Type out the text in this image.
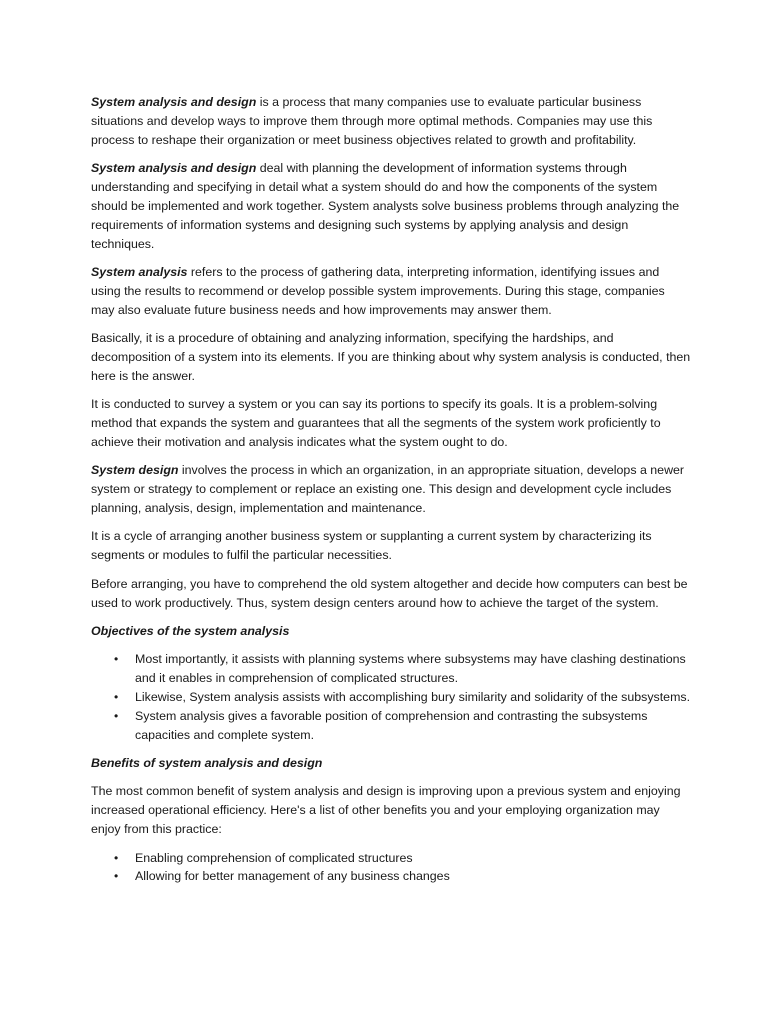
System analysis and design is a process that many companies use to evaluate particular business situations and develop ways to improve them through more optimal methods. Companies may use this process to reshape their organization or meet business objectives related to growth and profitability.

System analysis and design deal with planning the development of information systems through understanding and specifying in detail what a system should do and how the components of the system should be implemented and work together. System analysts solve business problems through analyzing the requirements of information systems and designing such systems by applying analysis and design techniques.

System analysis refers to the process of gathering data, interpreting information, identifying issues and using the results to recommend or develop possible system improvements. During this stage, companies may also evaluate future business needs and how improvements may answer them.

Basically, it is a procedure of obtaining and analyzing information, specifying the hardships, and decomposition of a system into its elements. If you are thinking about why system analysis is conducted, then here is the answer.

It is conducted to survey a system or you can say its portions to specify its goals. It is a problem-solving method that expands the system and guarantees that all the segments of the system work proficiently to achieve their motivation and analysis indicates what the system ought to do.

System design involves the process in which an organization, in an appropriate situation, develops a newer system or strategy to complement or replace an existing one. This design and development cycle includes planning, analysis, design, implementation and maintenance.

It is a cycle of arranging another business system or supplanting a current system by characterizing its segments or modules to fulfil the particular necessities.

Before arranging, you have to comprehend the old system altogether and decide how computers can best be used to work productively. Thus, system design centers around how to achieve the target of the system.

Objectives of the system analysis

• Most importantly, it assists with planning systems where subsystems may have clashing destinations and it enables in comprehension of complicated structures.
• Likewise, System analysis assists with accomplishing bury similarity and solidarity of the subsystems.
• System analysis gives a favorable position of comprehension and contrasting the subsystems capacities and complete system.

Benefits of system analysis and design

The most common benefit of system analysis and design is improving upon a previous system and enjoying increased operational efficiency. Here's a list of other benefits you and your employing organization may enjoy from this practice:

• Enabling comprehension of complicated structures
• Allowing for better management of any business changes
